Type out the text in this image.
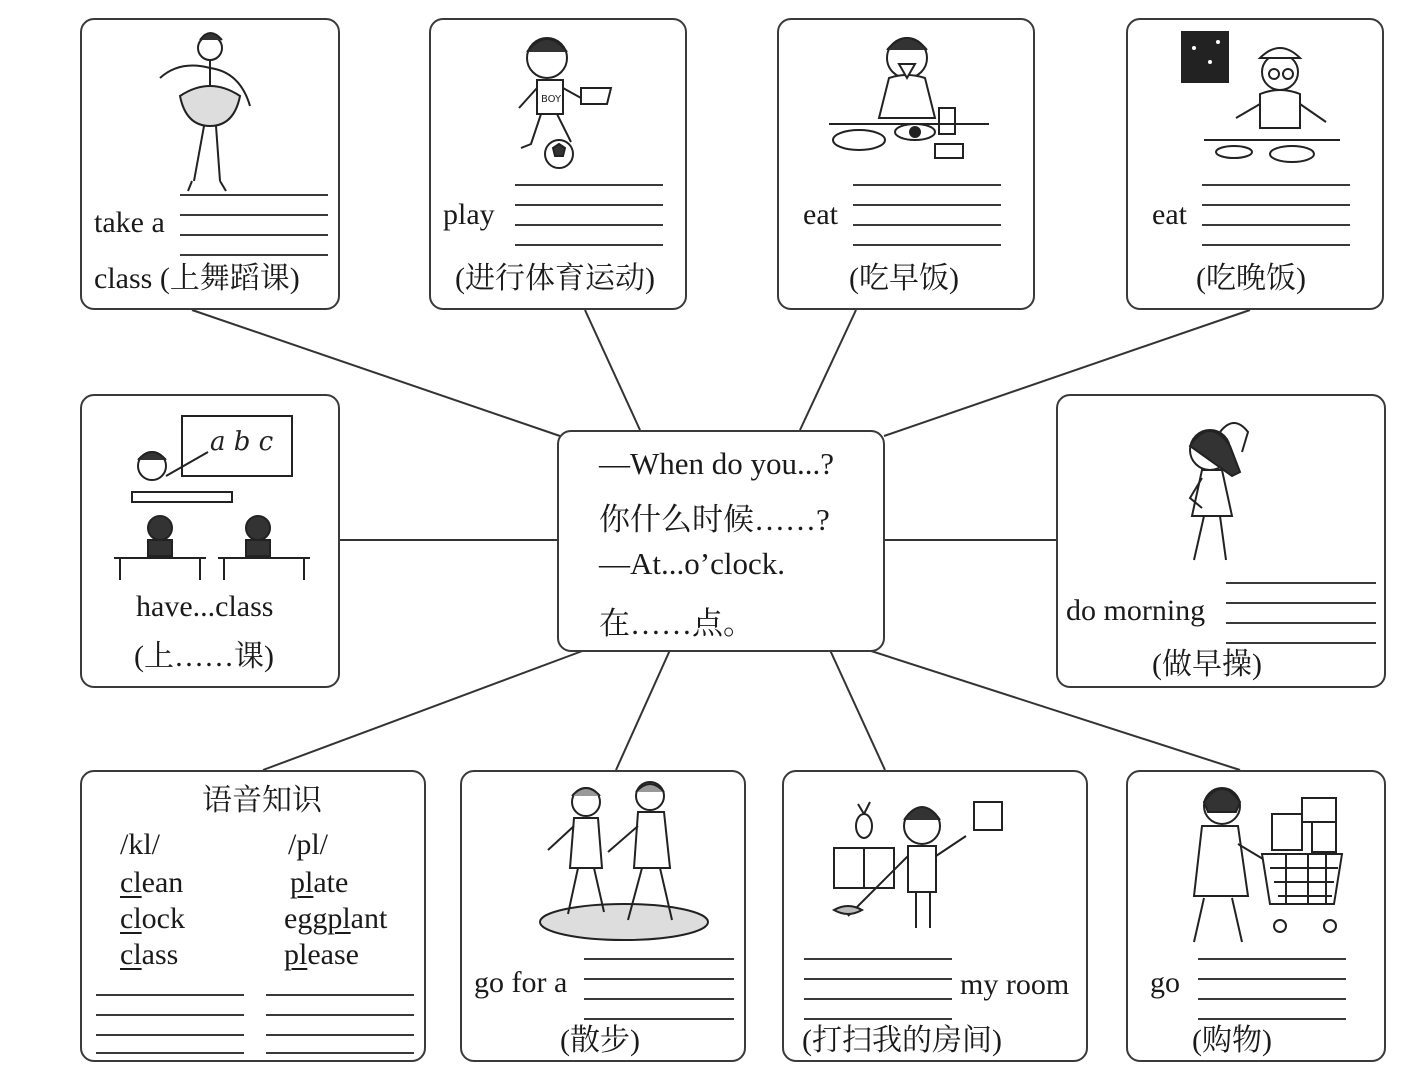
—When do you...?
你什么时候……?
—At...o’clock.
在……点。
take a
class (上舞蹈课)
BOY
play
(进行体育运动)
eat
(吃早饭)
eat
(吃晚饭)
a b c
have...class
(上……课)
do morning
(做早操)
语音知识
/kl/	/pl/
clean
clock
class
plate
eggplant
please
go for a
(散步)
my room
(打扫我的房间)
go
(购物)
